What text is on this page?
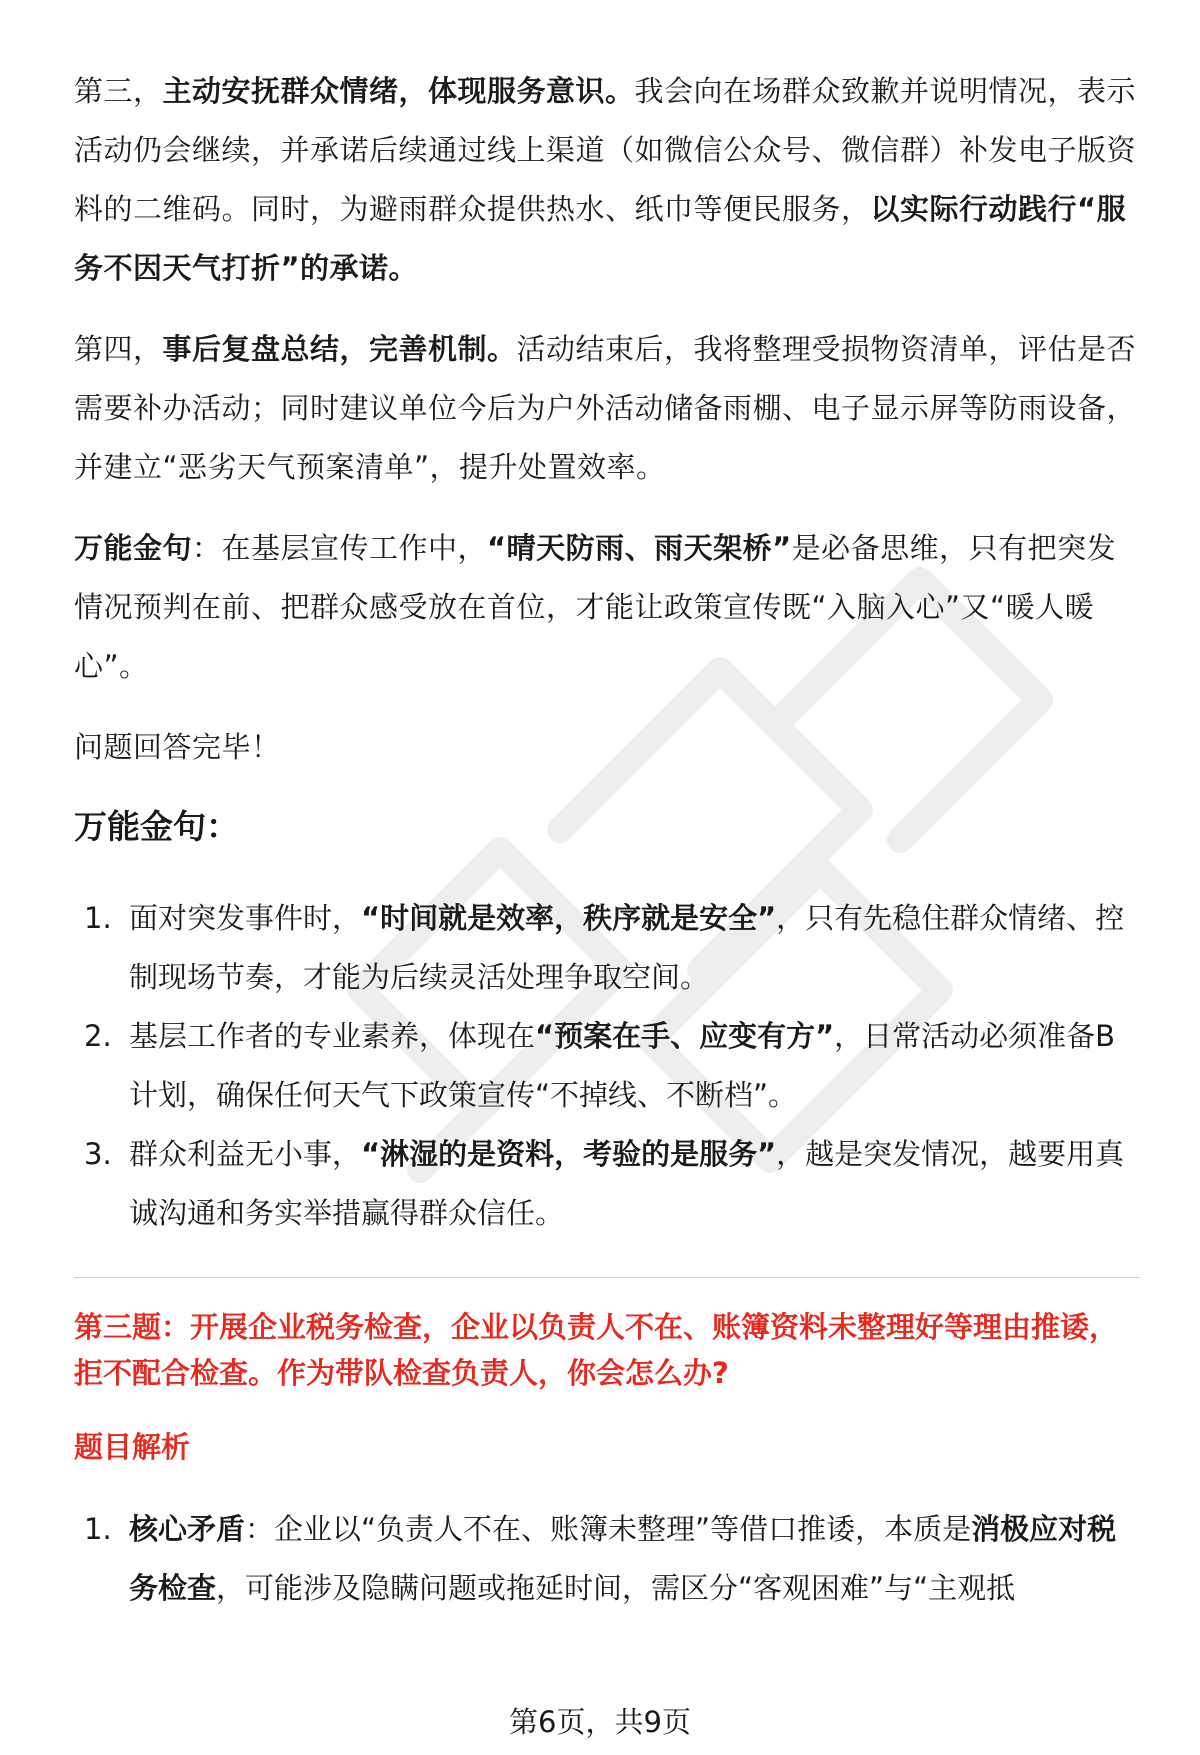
第三，主动安抚群众情绪，体现服务意识。我会向在场群众致歉并说明情况，表示活动仍会继续，并承诺后续通过线上渠道（如微信公众号、微信群）补发电子版资料的二维码。同时，为避雨群众提供热水、纸巾等便民服务，以实际行动践行“服务不因天气打折”的承诺。

第四，事后复盘总结，完善机制。活动结束后，我将整理受损物资清单，评估是否需要补办活动；同时建议单位今后为户外活动储备雨棚、电子显示屏等防雨设备，并建立“恶劣天气预案清单”，提升处置效率。

万能金句：在基层宣传工作中，“晴天防雨、雨天架桥”是必备思维，只有把突发情况预判在前、把群众感受放在首位，才能让政策宣传既“入脑入心”又“暖人暖心”。

问题回答完毕！

万能金句：
1. 面对突发事件时，“时间就是效率，秩序就是安全”，只有先稳住群众情绪、控制现场节奏，才能为后续灵活处理争取空间。
2. 基层工作者的专业素养，体现在“预案在手、应变有方”，日常活动必须准备B计划，确保任何天气下政策宣传“不掉线、不断档”。
3. 群众利益无小事，“淋湿的是资料，考验的是服务”，越是突发情况，越要用真诚沟通和务实举措赢得群众信任。
第三题：开展企业税务检查，企业以负责人不在、账簿资料未整理好等理由推诿，拒不配合检查。作为带队检查负责人，你会怎么办?
题目解析
1. 核心矛盾：企业以“负责人不在、账簿未整理”等借口推诿，本质是消极应对税务检查，可能涉及隐瞒问题或拖延时间，需区分“客观困难”与“主观抵
第6页，共9页
